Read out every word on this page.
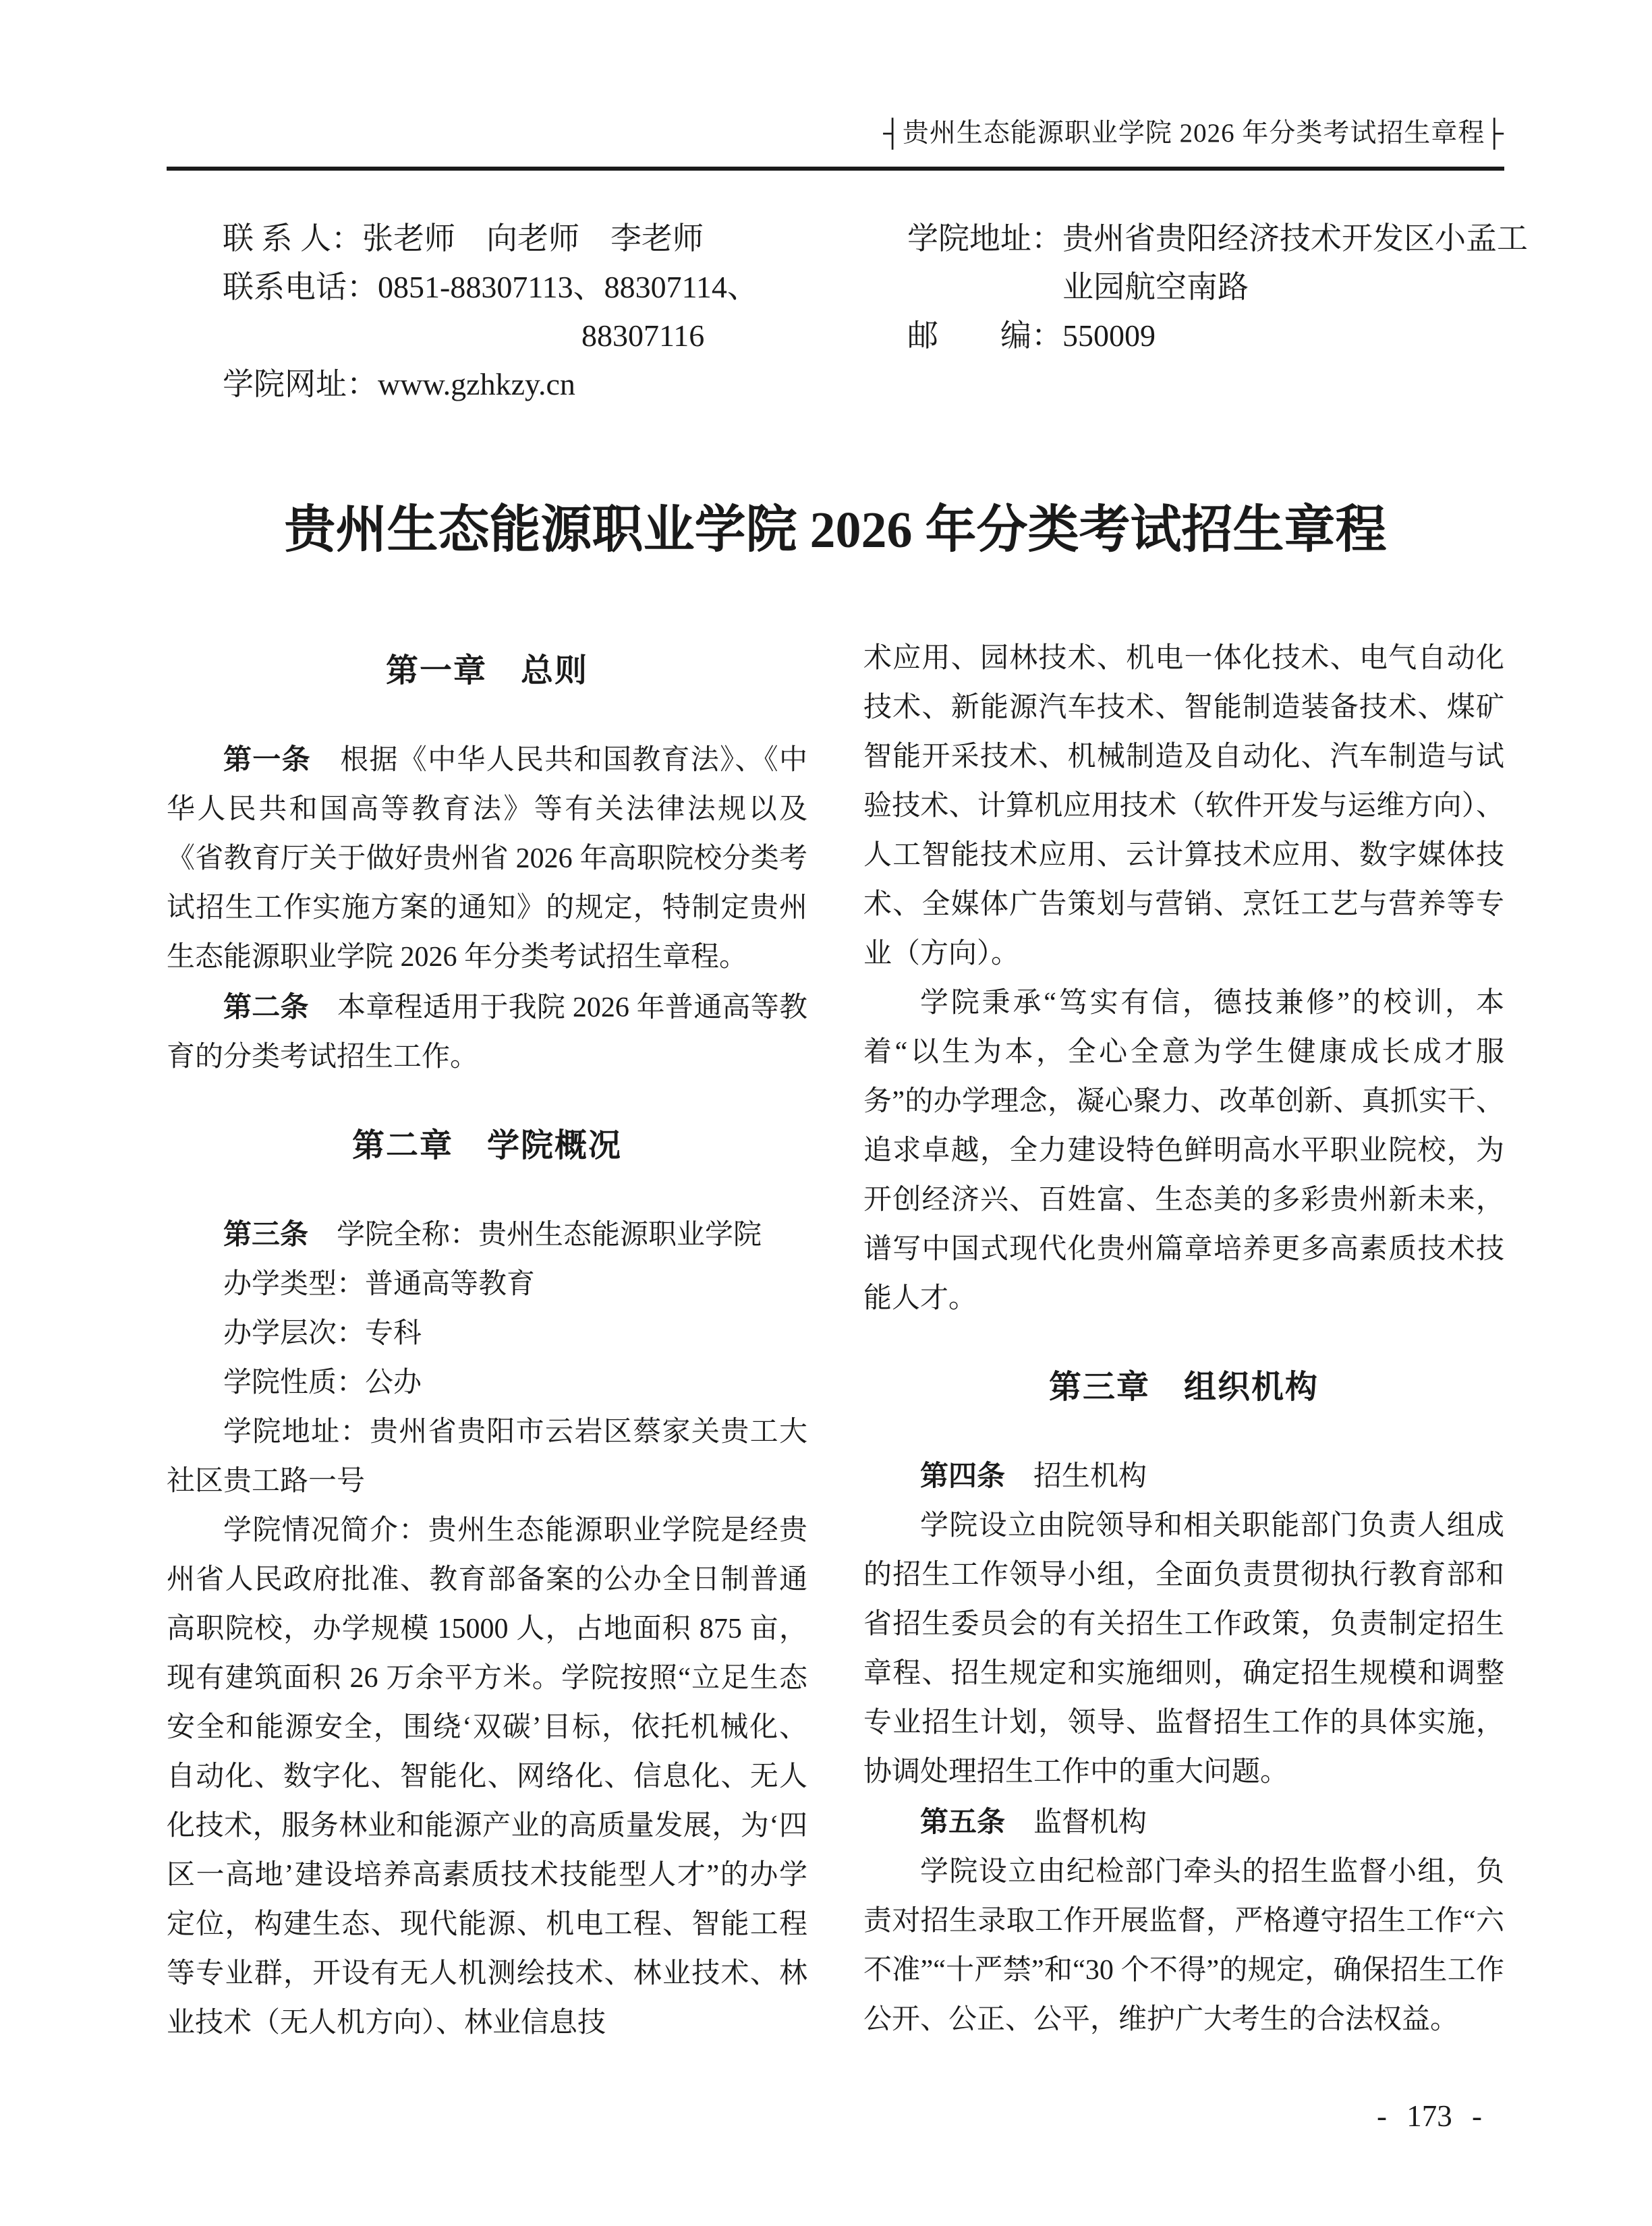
┤贵州生态能源职业学院 2026 年分类考试招生章程├
联 系 人： 张老师　向老师　李老师
联系电话： 0851-88307113、88307114、
88307116
学院网址： www.gzhkzy.cn
学院地址： 贵州省贵阳经济技术开发区小孟工业园航空南路
邮　　编： 550009
贵州生态能源职业学院 2026 年分类考试招生章程
第一章　总则

第一条　根据《中华人民共和国教育法》、《中华人民共和国高等教育法》等有关法律法规以及《省教育厅关于做好贵州省 2026 年高职院校分类考试招生工作实施方案的通知》的规定，特制定贵州生态能源职业学院 2026 年分类考试招生章程。

第二条　本章程适用于我院 2026 年普通高等教育的分类考试招生工作。

第二章　学院概况

第三条　学院全称：贵州生态能源职业学院

办学类型：普通高等教育

办学层次：专科

学院性质：公办

学院地址：贵州省贵阳市云岩区蔡家关贵工大社区贵工路一号

学院情况简介：贵州生态能源职业学院是经贵州省人民政府批准、教育部备案的公办全日制普通高职院校，办学规模 15000 人，占地面积 875 亩，现有建筑面积 26 万余平方米。学院按照“立足生态安全和能源安全，围绕‘双碳’目标，依托机械化、自动化、数字化、智能化、网络化、信息化、无人化技术，服务林业和能源产业的高质量发展，为‘四区一高地’建设培养高素质技术技能型人才”的办学定位，构建生态、现代能源、机电工程、智能工程等专业群，开设有无人机测绘技术、林业技术、林业技术（无人机方向）、林业信息技

术应用、园林技术、机电一体化技术、电气自动化技术、新能源汽车技术、智能制造装备技术、煤矿智能开采技术、机械制造及自动化、汽车制造与试验技术、计算机应用技术（软件开发与运维方向）、人工智能技术应用、云计算技术应用、数字媒体技术、全媒体广告策划与营销、烹饪工艺与营养等专业（方向）。

学院秉承“笃实有信，德技兼修”的校训，本着“以生为本，全心全意为学生健康成长成才服务”的办学理念，凝心聚力、改革创新、真抓实干、追求卓越，全力建设特色鲜明高水平职业院校，为开创经济兴、百姓富、生态美的多彩贵州新未来，谱写中国式现代化贵州篇章培养更多高素质技术技能人才。

第三章　组织机构

第四条　招生机构

学院设立由院领导和相关职能部门负责人组成的招生工作领导小组，全面负责贯彻执行教育部和省招生委员会的有关招生工作政策，负责制定招生章程、招生规定和实施细则，确定招生规模和调整专业招生计划，领导、监督招生工作的具体实施，协调处理招生工作中的重大问题。

第五条　监督机构

学院设立由纪检部门牵头的招生监督小组，负责对招生录取工作开展监督，严格遵守招生工作“六不准”“十严禁”和“30 个不得”的规定，确保招生工作公开、公正、公平，维护广大考生的合法权益。

- 173 -
